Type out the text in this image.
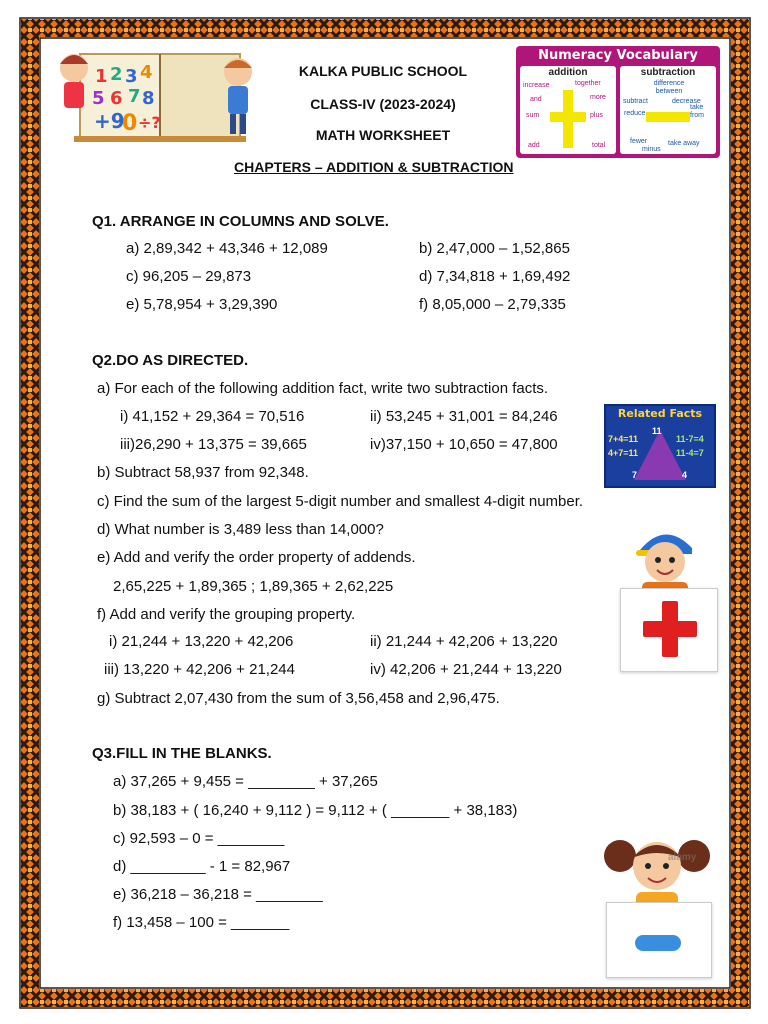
1 2 3 4
5 6 7 8
+9
0 ÷?
KALKA PUBLIC SCHOOL
CLASS-IV (2023-2024)
MATH WORKSHEET
CHAPTERS – ADDITION & SUBTRACTION
Numeracy Vocabulary
addition
increase	together
and	more
sum	plus
add	total
subtraction
difference between
subtract	decrease
reduce
take from
fewer
minus
take away
Q1. ARRANGE IN COLUMNS AND SOLVE.
a) 2,89,342 + 43,346 + 12,089	b) 2,47,000 – 1,52,865
c) 96,205 – 29,873	d) 7,34,818 + 1,69,492
e) 5,78,954 + 3,29,390	f) 8,05,000 – 2,79,335
Q2.DO AS DIRECTED.
a) For each of the following addition fact, write two subtraction facts.
i) 41,152 + 29,364 = 70,516	ii) 53,245 + 31,001 = 84,246
iii)26,290 + 13,375 = 39,665	iv)37,150 + 10,650 = 47,800
Related Facts
11
7	4
7+4=11
4+7=11
11-7=4
11-4=7
b) Subtract 58,937 from 92,348.
c) Find the sum of the largest 5-digit number and smallest 4-digit number.
d) What number is 3,489 less than 14,000?
e) Add and verify the order property of addends.
2,65,225 + 1,89,365 ; 1,89,365 + 2,62,225
f) Add and verify the grouping property.
i) 21,244 + 13,220 + 42,206	ii) 21,244 + 42,206 + 13,220
iii) 13,220 + 42,206 + 21,244	iv) 42,206 + 21,244 + 13,220
g) Subtract 2,07,430 from the sum of 3,56,458 and 2,96,475.
Q3.FILL IN THE BLANKS.
a) 37,265 + 9,455 = ________ + 37,265
b) 38,183 + ( 16,240 + 9,112 ) = 9,112 + ( _______ + 38,183)
c) 92,593 – 0 = ________
d) _________ - 1 = 82,967
e) 36,218 – 36,218 = ________
f) 13,458 – 100 = _______
alamy
